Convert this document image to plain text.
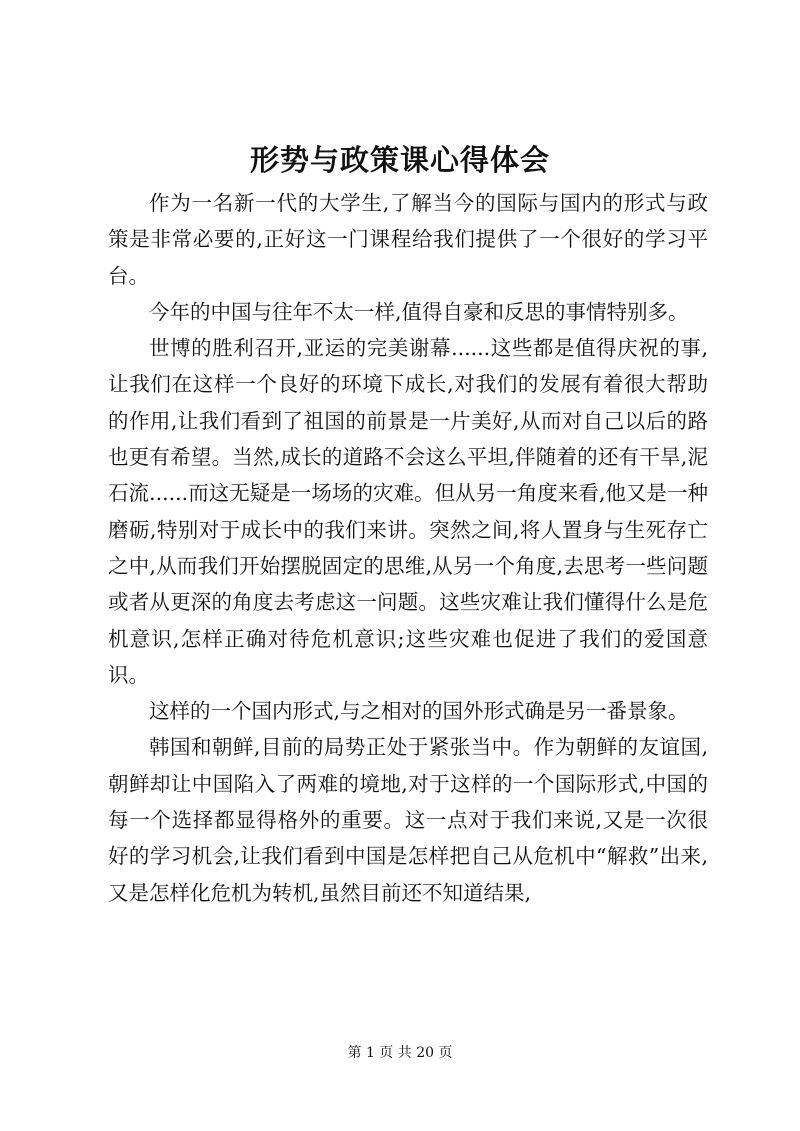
形势与政策课心得体会

作为一名新一代的大学生,了解当今的国际与国内的形式与政策是非常必要的,正好这一门课程给我们提供了一个很好的学习平台。

今年的中国与往年不太一样,值得自豪和反思的事情特别多。

世博的胜利召开,亚运的完美谢幕......这些都是值得庆祝的事,让我们在这样一个良好的环境下成长,对我们的发展有着很大帮助的作用,让我们看到了祖国的前景是一片美好,从而对自己以后的路也更有希望。当然,成长的道路不会这么平坦,伴随着的还有干旱,泥石流......而这无疑是一场场的灾难。但从另一角度来看,他又是一种磨砺,特别对于成长中的我们来讲。突然之间,将人置身与生死存亡之中,从而我们开始摆脱固定的思维,从另一个角度,去思考一些问题或者从更深的角度去考虑这一问题。这些灾难让我们懂得什么是危机意识,怎样正确对待危机意识;这些灾难也促进了我们的爱国意识。

这样的一个国内形式,与之相对的国外形式确是另一番景象。

韩国和朝鲜,目前的局势正处于紧张当中。作为朝鲜的友谊国,朝鲜却让中国陷入了两难的境地,对于这样的一个国际形式,中国的每一个选择都显得格外的重要。这一点对于我们来说,又是一次很好的学习机会,让我们看到中国是怎样把自己从危机中“解救”出来,又是怎样化危机为转机,虽然目前还不知道结果,

第 1 页 共 20 页
